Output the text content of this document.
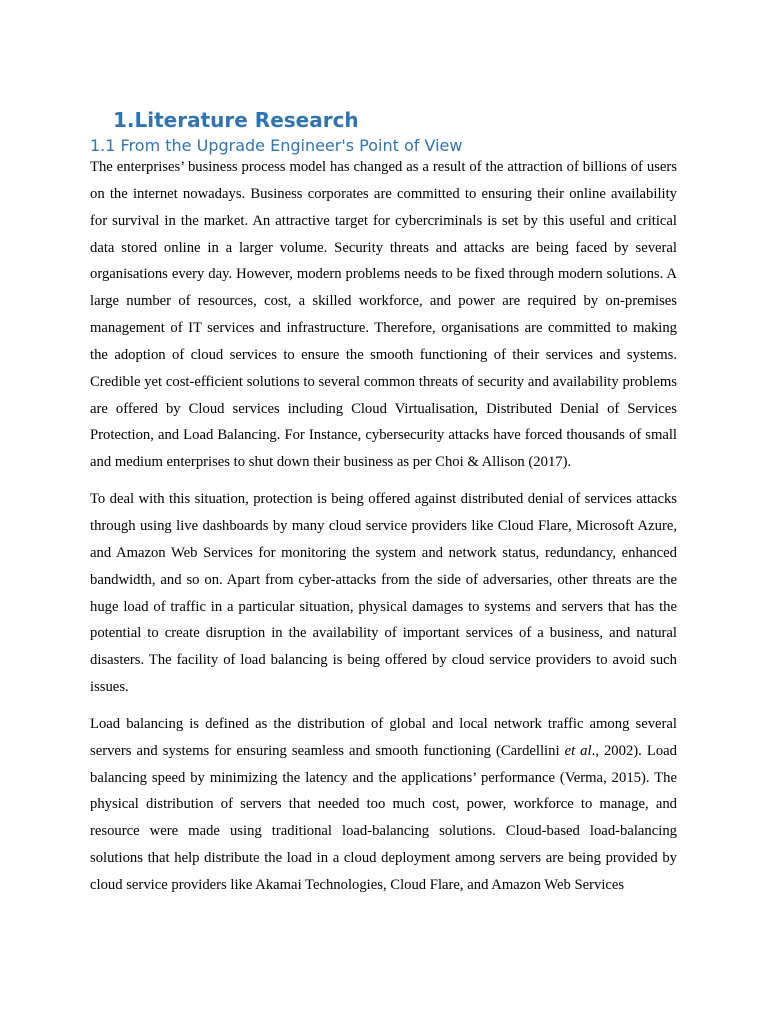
1.Literature Research
1.1 From the Upgrade Engineer's Point of View

The enterprises’ business process model has changed as a result of the attraction of billions of users on the internet nowadays. Business corporates are committed to ensuring their online availability for survival in the market. An attractive target for cybercriminals is set by this useful and critical data stored online in a larger volume. Security threats and attacks are being faced by several organisations every day. However, modern problems needs to be fixed through modern solutions. A large number of resources, cost, a skilled workforce, and power are required by on-premises management of IT services and infrastructure. Therefore, organisations are committed to making the adoption of cloud services to ensure the smooth functioning of their services and systems. Credible yet cost-efficient solutions to several common threats of security and availability problems are offered by Cloud services including Cloud Virtualisation, Distributed Denial of Services Protection, and Load Balancing. For Instance, cybersecurity attacks have forced thousands of small and medium enterprises to shut down their business as per Choi & Allison (2017).

To deal with this situation, protection is being offered against distributed denial of services attacks through using live dashboards by many cloud service providers like Cloud Flare, Microsoft Azure, and Amazon Web Services for monitoring the system and network status, redundancy, enhanced bandwidth, and so on. Apart from cyber-attacks from the side of adversaries, other threats are the huge load of traffic in a particular situation, physical damages to systems and servers that has the potential to create disruption in the availability of important services of a business, and natural disasters. The facility of load balancing is being offered by cloud service providers to avoid such issues.

Load balancing is defined as the distribution of global and local network traffic among several servers and systems for ensuring seamless and smooth functioning (Cardellini et al., 2002). Load balancing speed by minimizing the latency and the applications’ performance (Verma, 2015). The physical distribution of servers that needed too much cost, power, workforce to manage, and resource were made using traditional load-balancing solutions. Cloud-based load-balancing solutions that help distribute the load in a cloud deployment among servers are being provided by cloud service providers like Akamai Technologies, Cloud Flare, and Amazon Web Services
